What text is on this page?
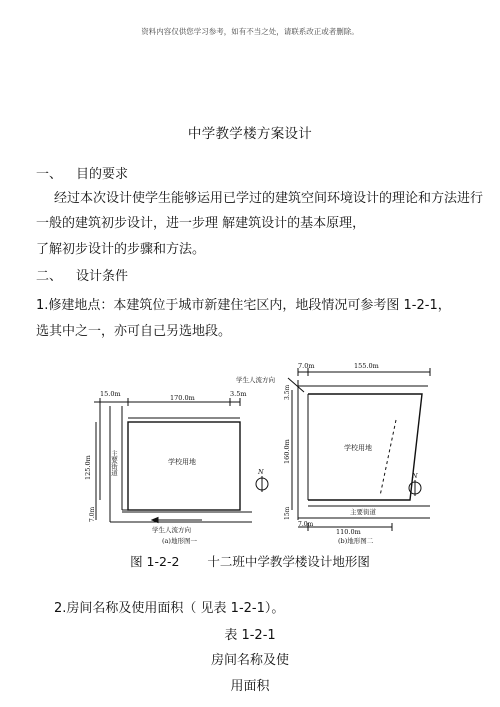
资料内容仅供您学习参考，如有不当之处，请联系改正或者删除。
中学教学楼方案设计
一、 目的要求
经过本次设计使学生能够运用已学过的建筑空间环境设计的理论和方法进行
一般的建筑初步设计，进一步理 解建筑设计的基本原理，
了解初步设计的步骤和方法。
二、 设计条件
1.修建地点：本建筑位于城市新建住宅区内，地段情况可参考图 1-2-1，
选其中之一，亦可自己另选地段。
15.0m	170.0m	3.5m
125.0m
7.0m
主要街道	学校用地
学生人流方向
N
(a)地形图一
7.0m	155.0m
学生人流方向
3.5m
160.0m
15m
7.0m
110.0m
学校用地
主要街道
N
(b)地形图二
图 1-2-2 十二班中学教学楼设计地形图
2.房间名称及使用面积（ 见表 1-2-1）。
表 1-2-1
房间名称及使
用面积
